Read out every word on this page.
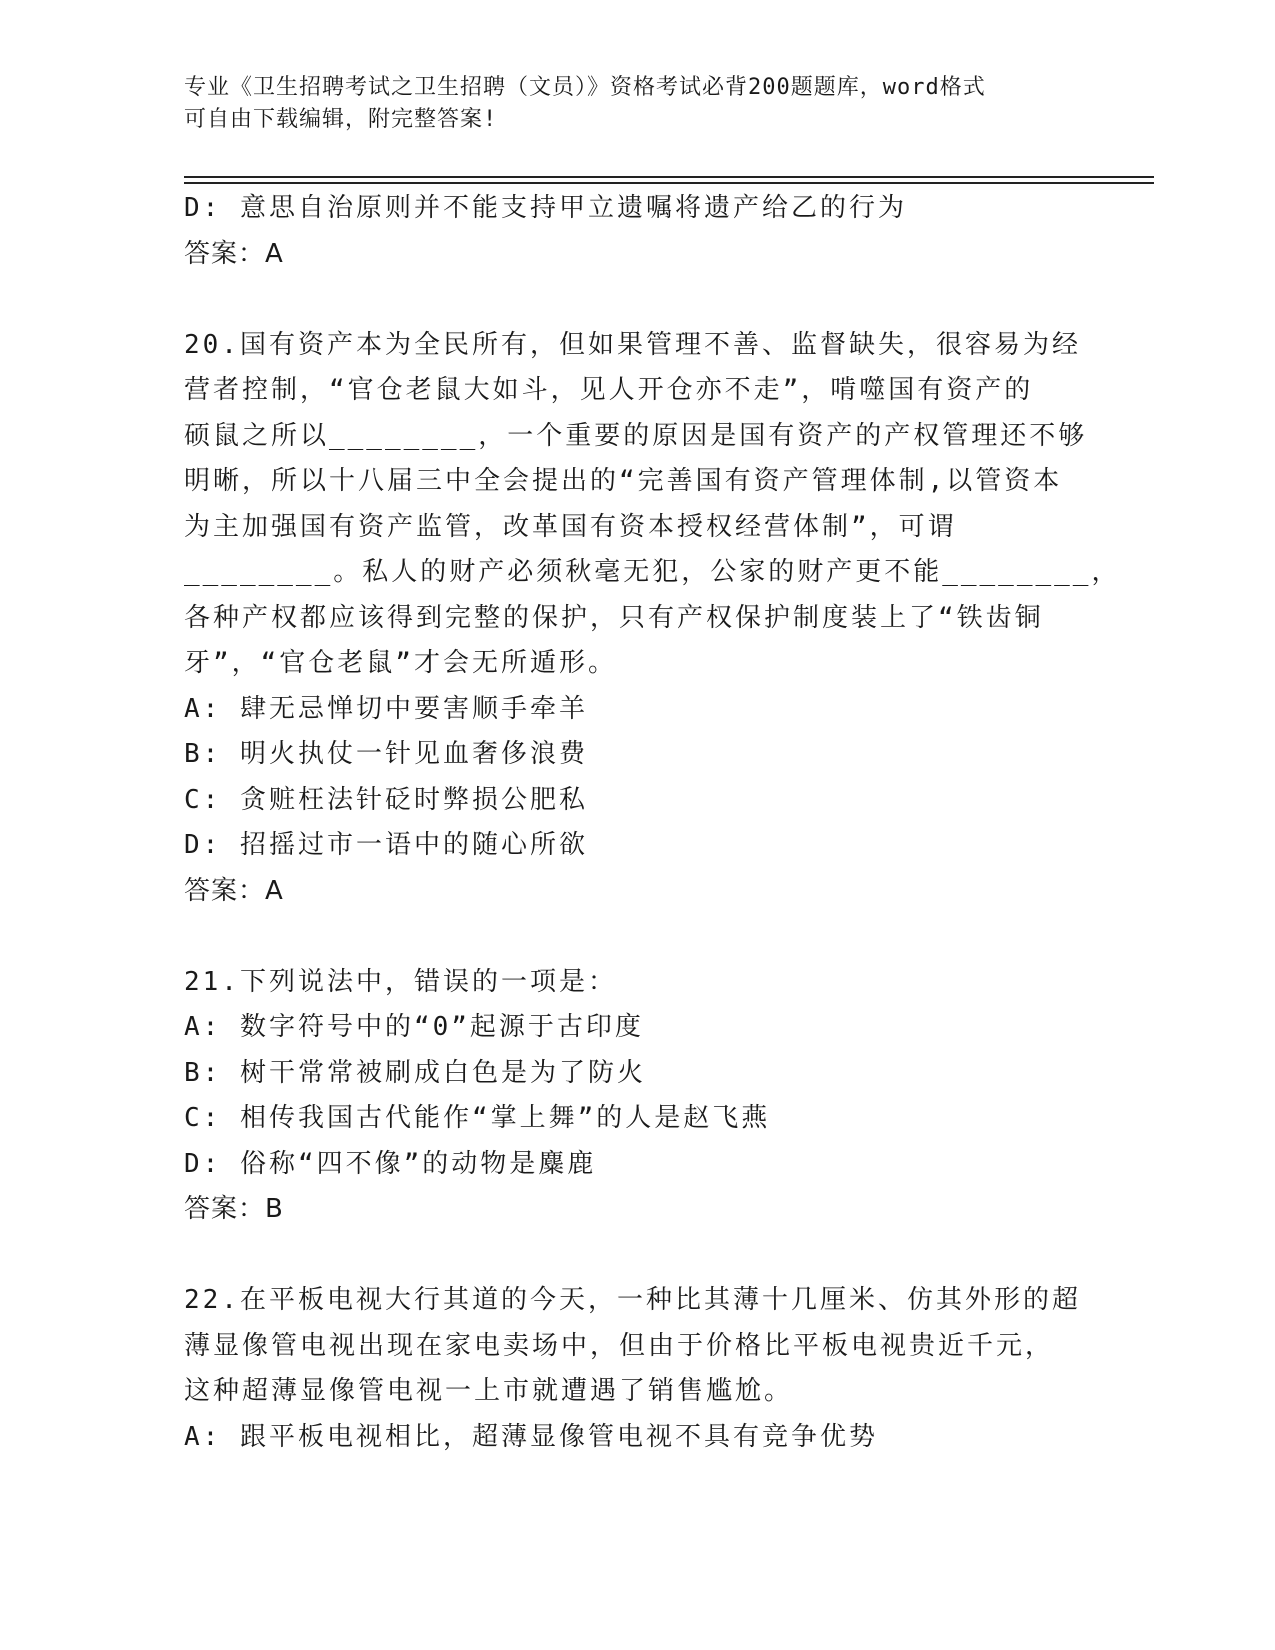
专业《卫生招聘考试之卫生招聘（文员）》资格考试必背200题题库，word格式
可自由下载编辑，附完整答案!
D: 意思自治原则并不能支持甲立遗嘱将遗产给乙的行为
答案：A
20.国有资产本为全民所有，但如果管理不善、监督缺失，很容易为经
营者控制，“官仓老鼠大如斗，见人开仓亦不走”，啃噬国有资产的
硕鼠之所以________，一个重要的原因是国有资产的产权管理还不够
明晰，所以十八届三中全会提出的“完善国有资产管理体制,以管资本
为主加强国有资产监管，改革国有资本授权经营体制”，可谓
________。私人的财产必须秋毫无犯，公家的财产更不能________，
各种产权都应该得到完整的保护，只有产权保护制度装上了“铁齿铜
牙”，“官仓老鼠”才会无所遁形。
A: 肆无忌惮切中要害顺手牵羊
B: 明火执仗一针见血奢侈浪费
C: 贪赃枉法针砭时弊损公肥私
D: 招摇过市一语中的随心所欲
答案：A
21.下列说法中，错误的一项是：
A: 数字符号中的“0”起源于古印度
B: 树干常常被刷成白色是为了防火
C: 相传我国古代能作“掌上舞”的人是赵飞燕
D: 俗称“四不像”的动物是麋鹿
答案：B
22.在平板电视大行其道的今天，一种比其薄十几厘米、仿其外形的超
薄显像管电视出现在家电卖场中，但由于价格比平板电视贵近千元，
这种超薄显像管电视一上市就遭遇了销售尴尬。
A: 跟平板电视相比，超薄显像管电视不具有竞争优势
